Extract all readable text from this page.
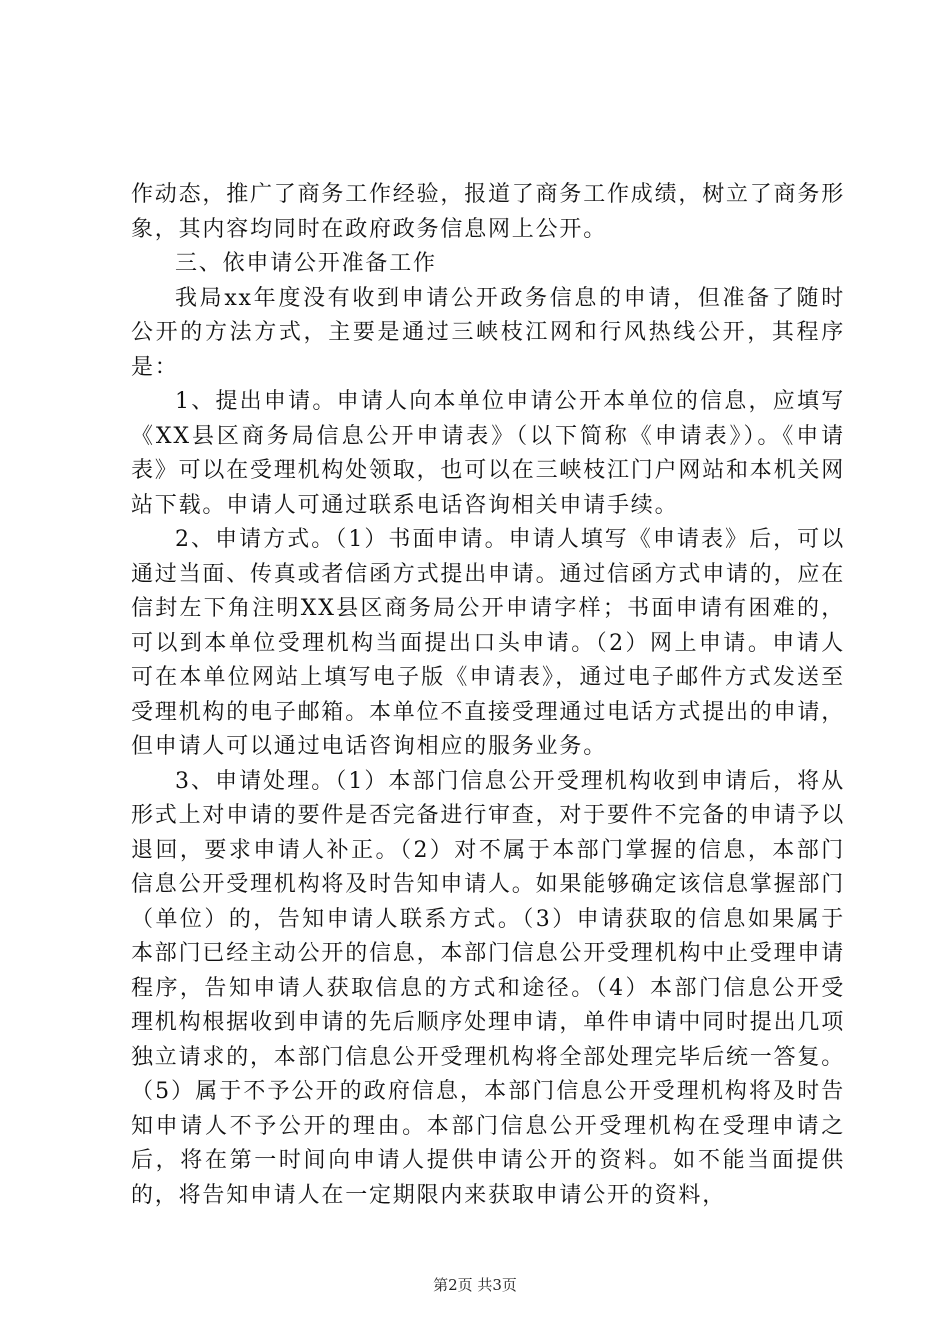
作动态，推广了商务工作经验，报道了商务工作成绩，树立了商务形象，其内容均同时在政府政务信息网上公开。

三、依申请公开准备工作

我局xx年度没有收到申请公开政务信息的申请，但准备了随时公开的方法方式，主要是通过三峡枝江网和行风热线公开，其程序是：

1、提出申请。申请人向本单位申请公开本单位的信息，应填写《XX县区商务局信息公开申请表》（以下简称《申请表》）。《申请表》可以在受理机构处领取，也可以在三峡枝江门户网站和本机关网站下载。申请人可通过联系电话咨询相关申请手续。

2、申请方式。（1）书面申请。申请人填写《申请表》后，可以通过当面、传真或者信函方式提出申请。通过信函方式申请的，应在信封左下角注明XX县区商务局公开申请字样；书面申请有困难的，可以到本单位受理机构当面提出口头申请。（2）网上申请。申请人可在本单位网站上填写电子版《申请表》，通过电子邮件方式发送至受理机构的电子邮箱。本单位不直接受理通过电话方式提出的申请，但申请人可以通过电话咨询相应的服务业务。

3、申请处理。（1）本部门信息公开受理机构收到申请后，将从形式上对申请的要件是否完备进行审查，对于要件不完备的申请予以退回，要求申请人补正。（2）对不属于本部门掌握的信息，本部门信息公开受理机构将及时告知申请人。如果能够确定该信息掌握部门（单位）的，告知申请人联系方式。（3）申请获取的信息如果属于本部门已经主动公开的信息，本部门信息公开受理机构中止受理申请程序，告知申请人获取信息的方式和途径。（4）本部门信息公开受理机构根据收到申请的先后顺序处理申请，单件申请中同时提出几项独立请求的，本部门信息公开受理机构将全部处理完毕后统一答复。（5）属于不予公开的政府信息，本部门信息公开受理机构将及时告知申请人不予公开的理由。本部门信息公开受理机构在受理申请之后，将在第一时间向申请人提供申请公开的资料。如不能当面提供的，将告知申请人在一定期限内来获取申请公开的资料，

第2页 共3页
